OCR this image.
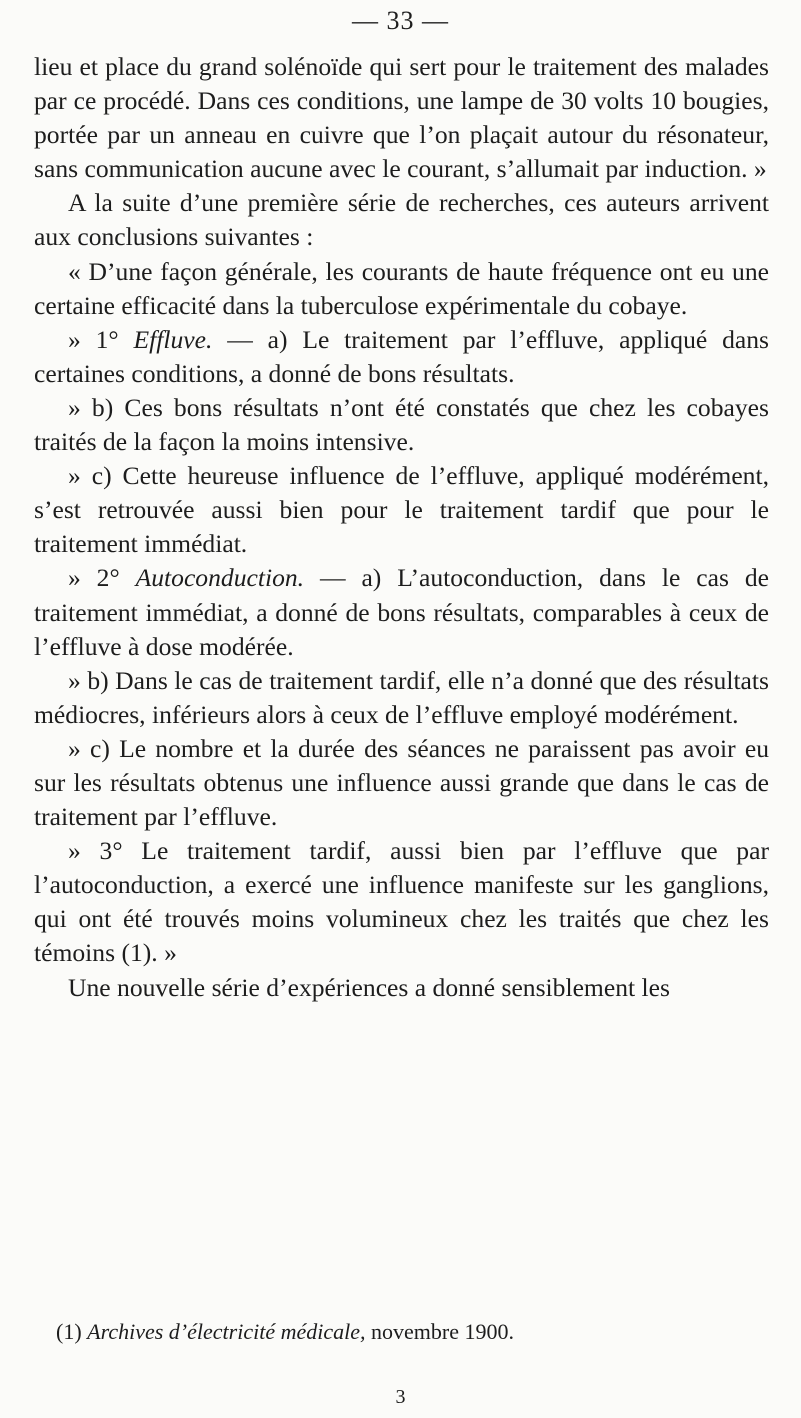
— 33 —

lieu et place du grand solénoïde qui sert pour le traitement des malades par ce procédé. Dans ces conditions, une lampe de 30 volts 10 bougies, portée par un anneau en cuivre que l’on plaçait autour du résonateur, sans communication aucune avec le courant, s’allumait par induction. »

A la suite d’une première série de recherches, ces auteurs arrivent aux conclusions suivantes :

« D’une façon générale, les courants de haute fréquence ont eu une certaine efficacité dans la tuberculose expérimentale du cobaye.

» 1° Effluve. — a) Le traitement par l’effluve, appliqué dans certaines conditions, a donné de bons résultats.

» b) Ces bons résultats n’ont été constatés que chez les cobayes traités de la façon la moins intensive.

» c) Cette heureuse influence de l’effluve, appliqué modérément, s’est retrouvée aussi bien pour le traitement tardif que pour le traitement immédiat.

» 2° Autoconduction. — a) L’autoconduction, dans le cas de traitement immédiat, a donné de bons résultats, comparables à ceux de l’effluve à dose modérée.

» b) Dans le cas de traitement tardif, elle n’a donné que des résultats médiocres, inférieurs alors à ceux de l’effluve employé modérément.

» c) Le nombre et la durée des séances ne paraissent pas avoir eu sur les résultats obtenus une influence aussi grande que dans le cas de traitement par l’effluve.

» 3° Le traitement tardif, aussi bien par l’effluve que par l’autoconduction, a exercé une influence manifeste sur les ganglions, qui ont été trouvés moins volumineux chez les traités que chez les témoins (1). »

Une nouvelle série d’expériences a donné sensiblement les

(1) Archives d’électricité médicale, novembre 1900.
3
